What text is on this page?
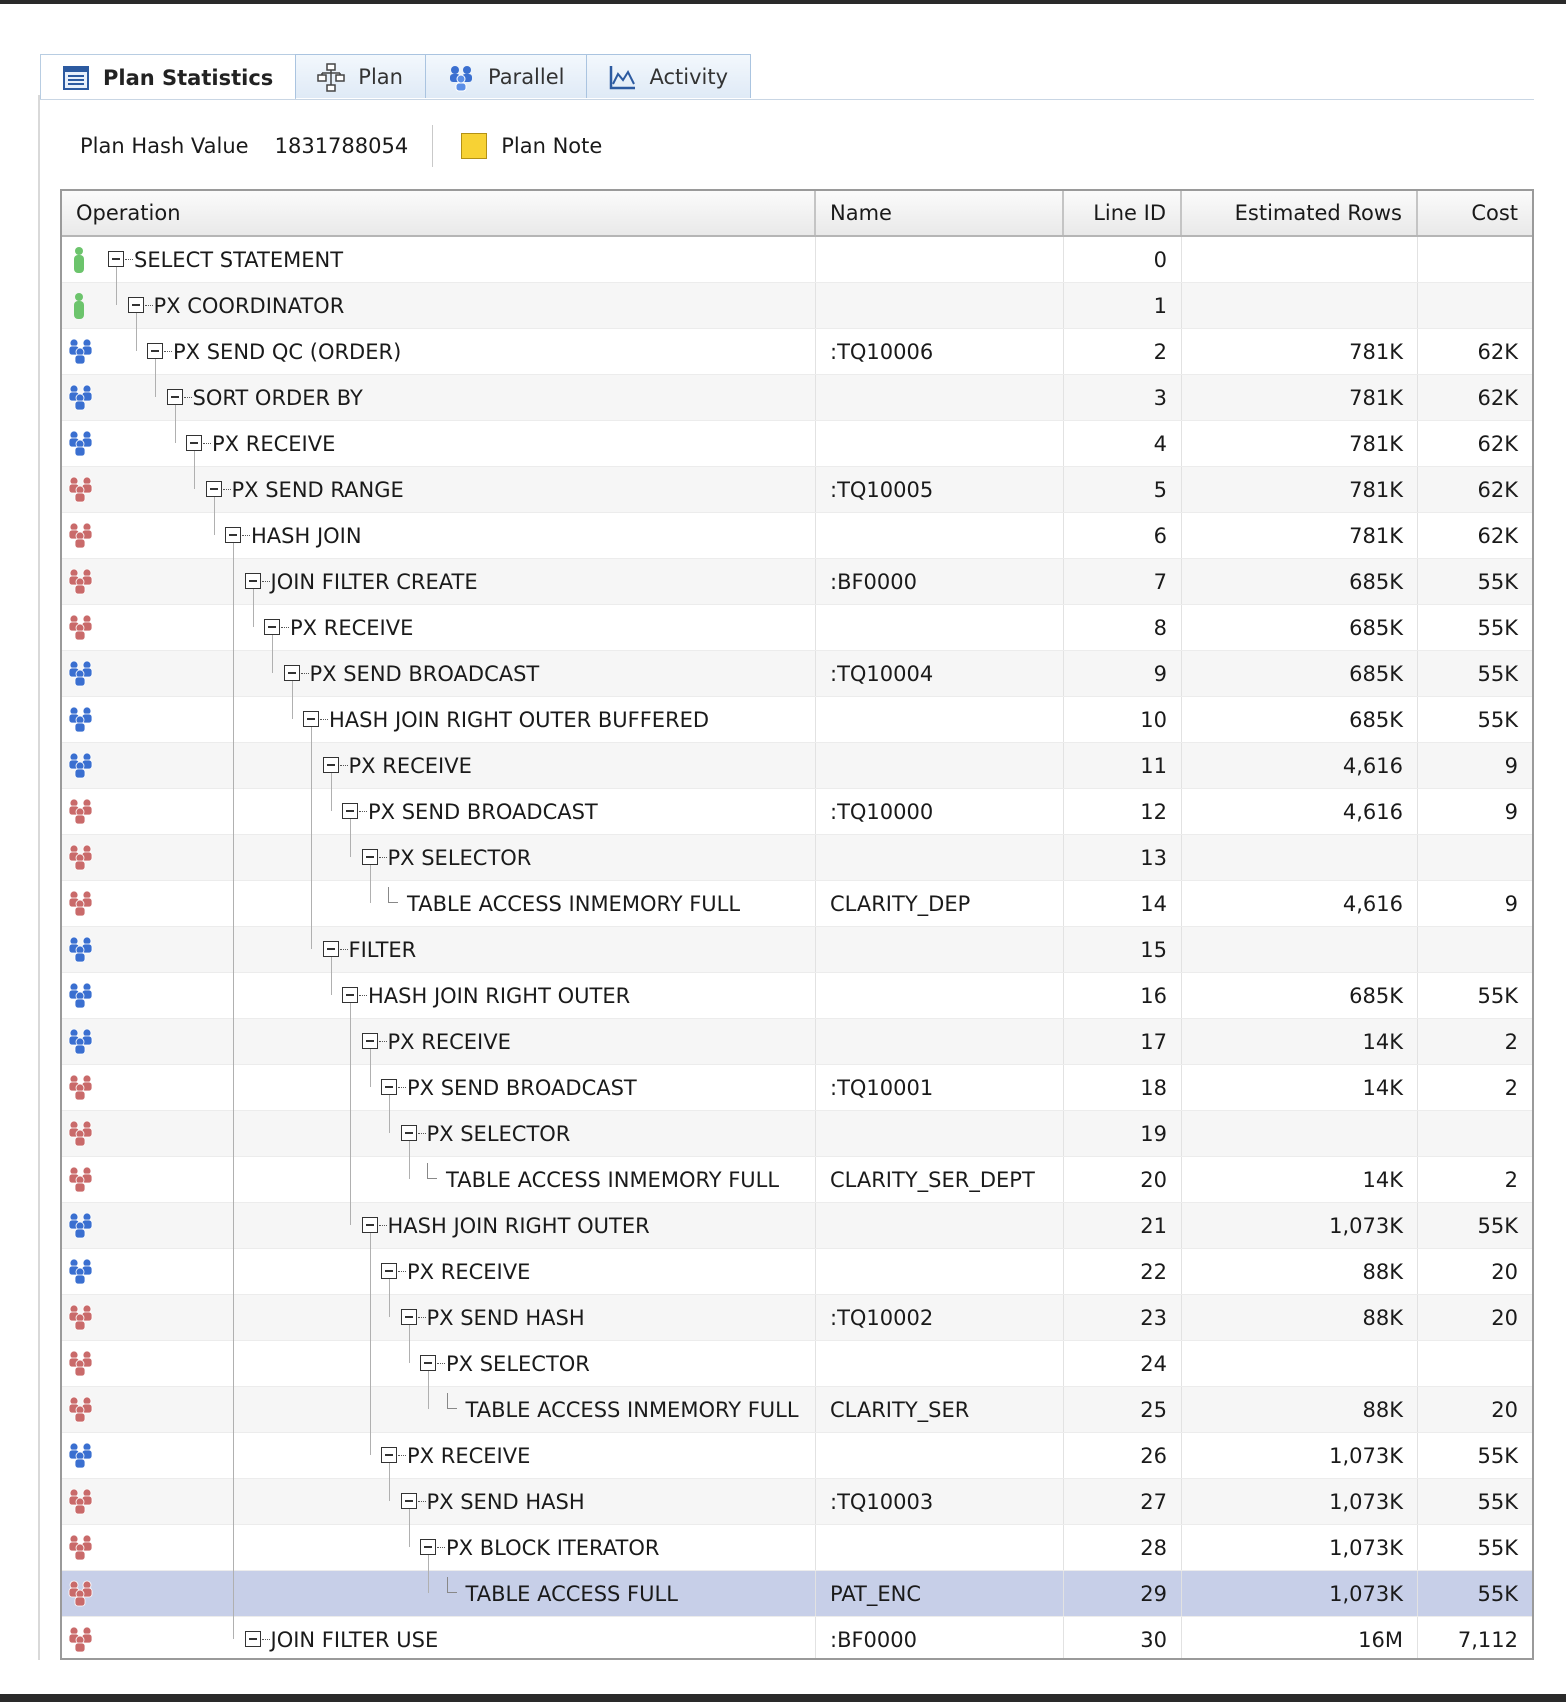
Plan Statistics	Plan	Parallel	Activity
Plan Hash Value 1831788054	Plan Note
Operation	Name	Line ID	Estimated Rows	Cost
SELECT STATEMENT	0
PX COORDINATOR	1
PX SEND QC (ORDER)	:TQ10006	2	781K	62K
SORT ORDER BY	3	781K	62K
PX RECEIVE	4	781K	62K
PX SEND RANGE	:TQ10005	5	781K	62K
HASH JOIN	6	781K	62K
JOIN FILTER CREATE	:BF0000	7	685K	55K
PX RECEIVE	8	685K	55K
PX SEND BROADCAST	:TQ10004	9	685K	55K
HASH JOIN RIGHT OUTER BUFFERED	10	685K	55K
PX RECEIVE	11	4,616	9
PX SEND BROADCAST	:TQ10000	12	4,616	9
PX SELECTOR	13
TABLE ACCESS INMEMORY FULL	CLARITY_DEP	14	4,616	9
FILTER	15
HASH JOIN RIGHT OUTER	16	685K	55K
PX RECEIVE	17	14K	2
PX SEND BROADCAST	:TQ10001	18	14K	2
PX SELECTOR	19
TABLE ACCESS INMEMORY FULL	CLARITY_SER_DEPT	20	14K	2
HASH JOIN RIGHT OUTER	21	1,073K	55K
PX RECEIVE	22	88K	20
PX SEND HASH	:TQ10002	23	88K	20
PX SELECTOR	24
TABLE ACCESS INMEMORY FULL	CLARITY_SER	25	88K	20
PX RECEIVE	26	1,073K	55K
PX SEND HASH	:TQ10003	27	1,073K	55K
PX BLOCK ITERATOR	28	1,073K	55K
TABLE ACCESS FULL	PAT_ENC	29	1,073K	55K
JOIN FILTER USE	:BF0000	30	16M	7,112
